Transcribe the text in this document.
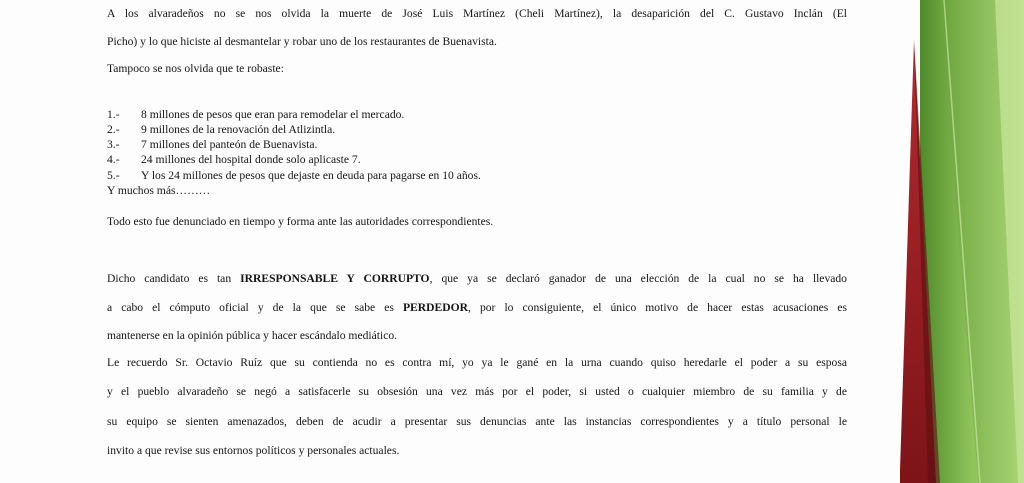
A los alvaradeños no se nos olvida la muerte de José Luis Martínez (Cheli Martínez), la desaparición del C. Gustavo Inclán (El
Picho) y lo que hiciste al desmantelar y robar uno de los restaurantes de Buenavista.
Tampoco se nos olvida que te robaste:
1.- 8 millones de pesos que eran para remodelar el mercado.
2.- 9 millones de la renovación del Atlizintla.
3.- 7 millones del panteón de Buenavista.
4.- 24 millones del hospital donde solo aplicaste 7.
5.- Y los 24 millones de pesos que dejaste en deuda para pagarse en 10 años.
Y muchos más………
Todo esto fue denunciado en tiempo y forma ante las autoridades correspondientes.
Dicho candidato es tan IRRESPONSABLE Y CORRUPTO, que ya se declaró ganador de una elección de la cual no se ha llevado
a cabo el cómputo oficial y de la que se sabe es PERDEDOR, por lo consiguiente, el único motivo de hacer estas acusaciones es
mantenerse en la opinión pública y hacer escándalo mediático.
Le recuerdo Sr. Octavio Ruíz que su contienda no es contra mí, yo ya le gané en la urna cuando quiso heredarle el poder a su esposa
y el pueblo alvaradeño se negó a satisfacerle su obsesión una vez más por el poder, si usted o cualquier miembro de su familia y de
su equipo se sienten amenazados, deben de acudir a presentar sus denuncias ante las instancias correspondientes y a título personal le
invito a que revise sus entornos políticos y personales actuales.
